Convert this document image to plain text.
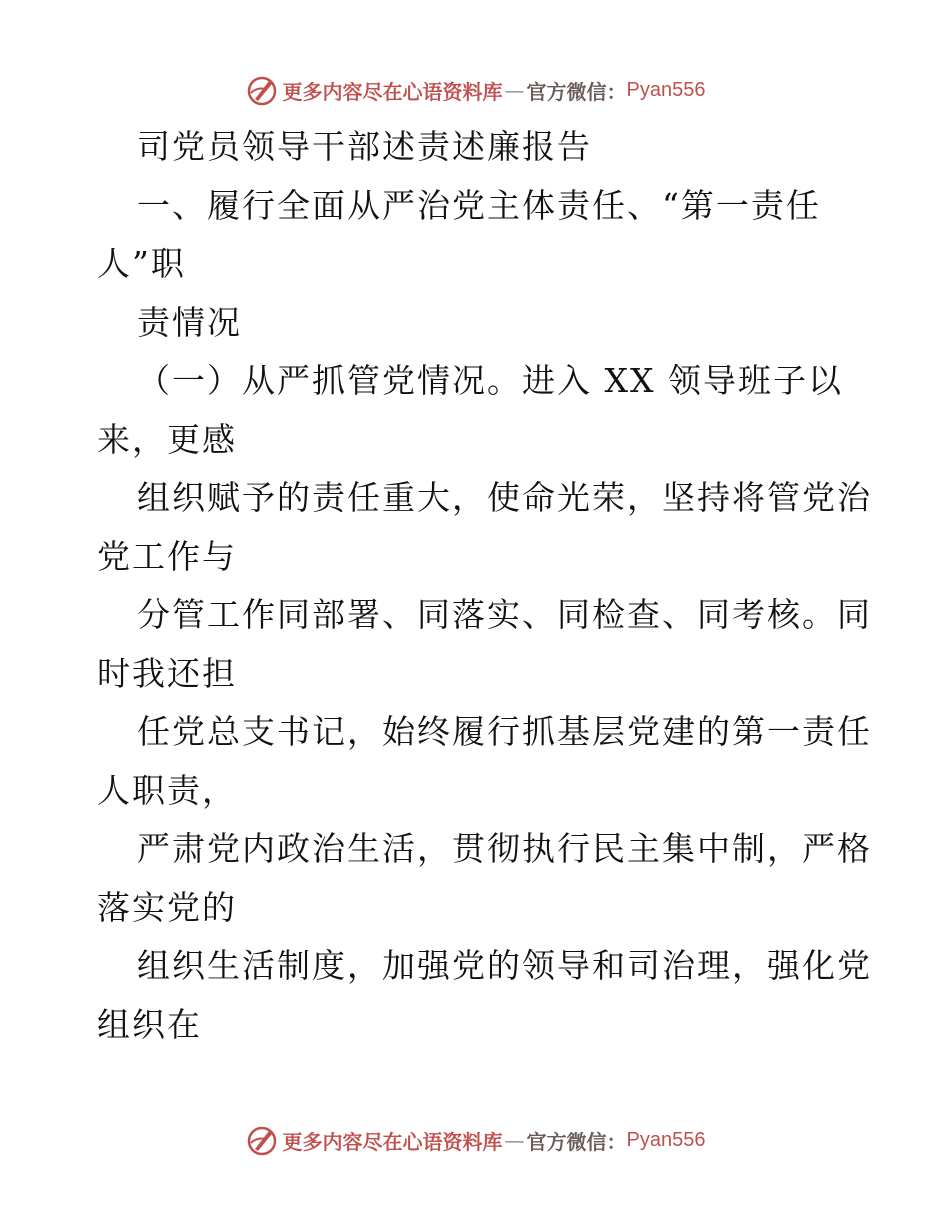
更多内容尽在心语资料库 — 官方微信： Pyan556
司党员领导干部述责述廉报告
一、履行全面从严治党主体责任、“第一责任
人”职
责情况
（一）从严抓管党情况。进入 XX 领导班子以
来，更感
组织赋予的责任重大，使命光荣，坚持将管党治
党工作与
分管工作同部署、同落实、同检查、同考核。同
时我还担
任党总支书记，始终履行抓基层党建的第一责任
人职责，
严肃党内政治生活，贯彻执行民主集中制，严格
落实党的
组织生活制度，加强党的领导和司治理，强化党
组织在
更多内容尽在心语资料库 — 官方微信： Pyan556
